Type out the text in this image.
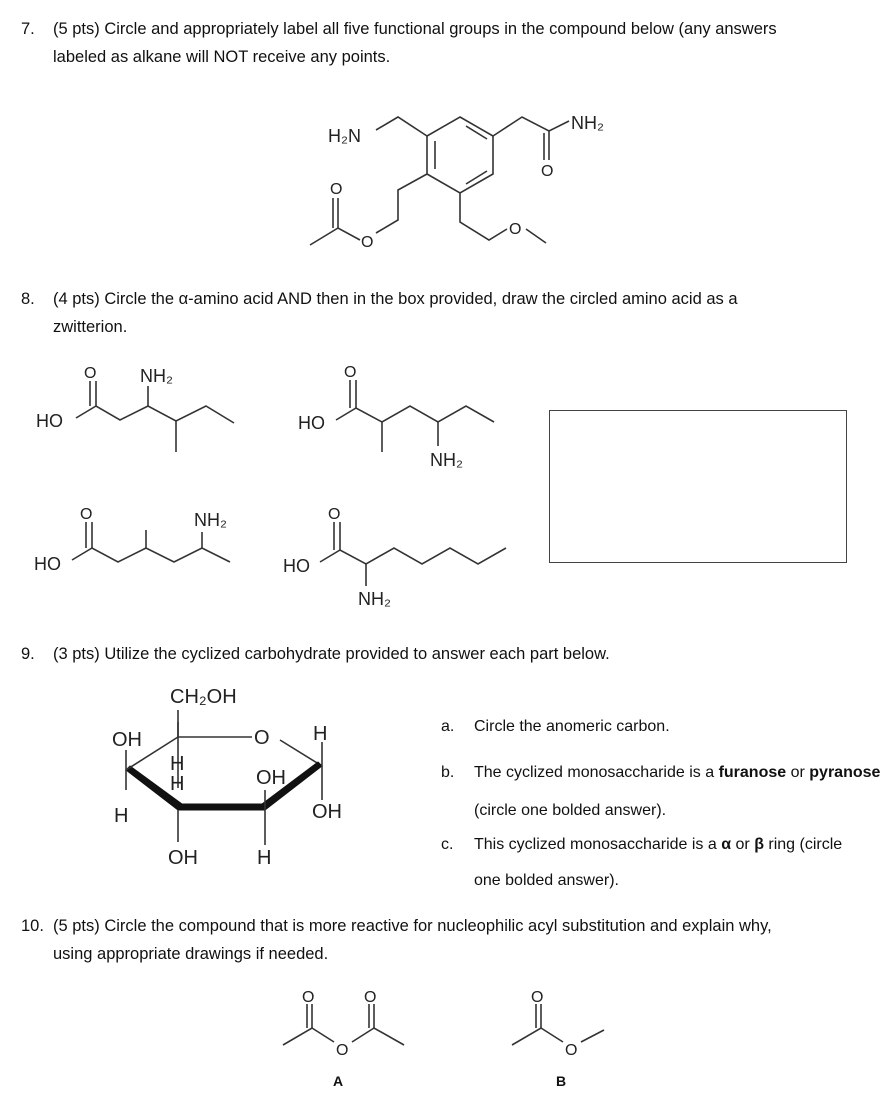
7. (5 pts) Circle and appropriately label all five functional groups in the compound below (any answers
labeled as alkane will NOT receive any points.
H₂N
NH₂
O
O
O
O
8. (4 pts) Circle the α-amino acid AND then in the box provided, draw the circled amino acid as a
zwitterion.
O NH₂
HO
O
HO
NH₂
O	NH₂
HO
O
HO
NH₂
9. (3 pts) Utilize the cyclized carbohydrate provided to answer each part below.
CH₂OH
O
OH
H
H
H	OH
H
OH
OH	H
a. Circle the anomeric carbon.
b. The cyclized monosaccharide is a furanose or pyranose (circle one bolded answer).
c. This cyclized monosaccharide is a α or β ring (circle one bolded answer).
10. (5 pts) Circle the compound that is more reactive for nucleophilic acyl substitution and explain why,
using appropriate drawings if needed.
O	O
O
O
O
A	B
